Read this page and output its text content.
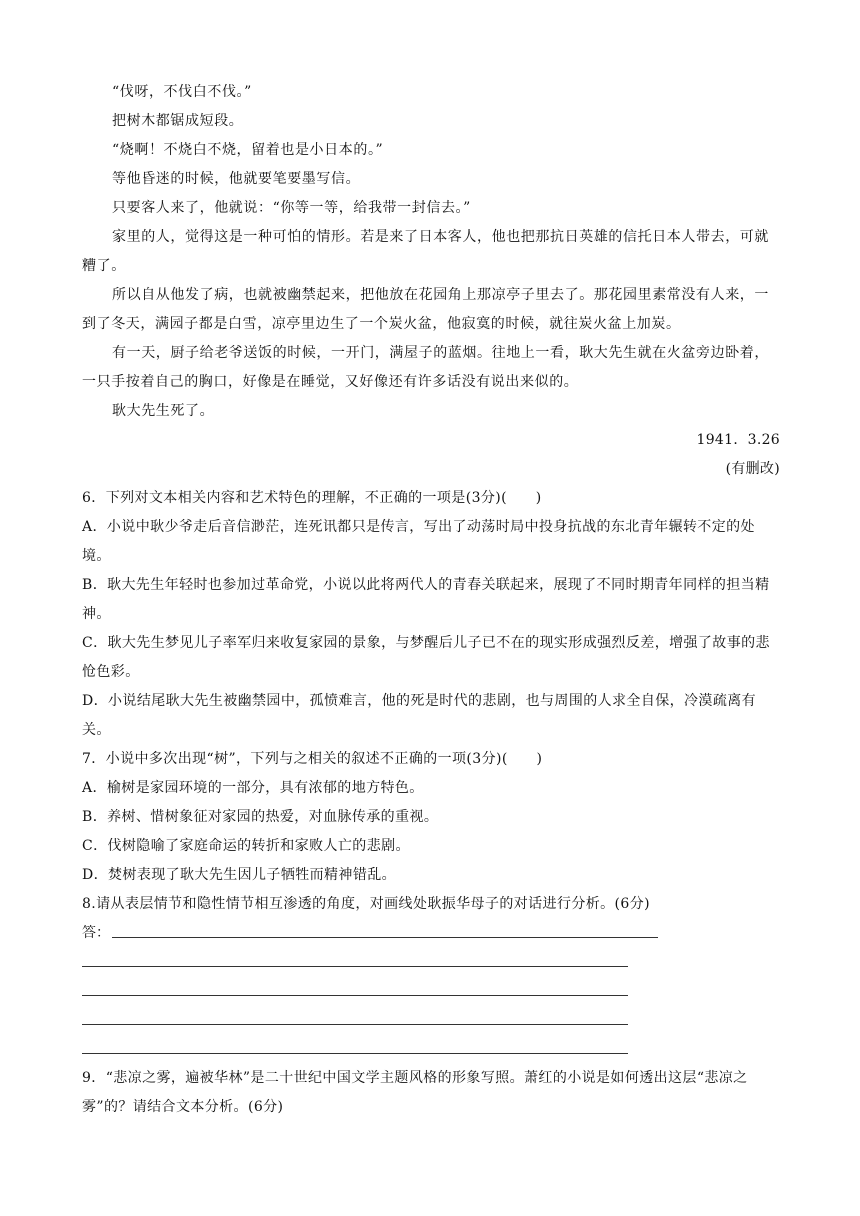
“伐呀，不伐白不伐。”

把树木都锯成短段。

“烧啊！不烧白不烧，留着也是小日本的。”

等他昏迷的时候，他就要笔要墨写信。

只要客人来了，他就说：“你等一等，给我带一封信去。”

家里的人，觉得这是一种可怕的情形。若是来了日本客人，他也把那抗日英雄的信托日本人带去，可就糟了。

所以自从他发了病，也就被幽禁起来，把他放在花园角上那凉亭子里去了。那花园里素常没有人来，一到了冬天，满园子都是白雪，凉亭里边生了一个炭火盆，他寂寞的时候，就往炭火盆上加炭。

有一天，厨子给老爷送饭的时候，一开门，满屋子的蓝烟。往地上一看，耿大先生就在火盆旁边卧着，一只手按着自己的胸口，好像是在睡觉，又好像还有许多话没有说出来似的。

耿大先生死了。

1941．3.26
(有删改)

6．下列对文本相关内容和艺术特色的理解，不正确的一项是(3分)(　　)

A．小说中耿少爷走后音信渺茫，连死讯都只是传言，写出了动荡时局中投身抗战的东北青年辗转不定的处境。

B．耿大先生年轻时也参加过革命党，小说以此将两代人的青春关联起来，展现了不同时期青年同样的担当精神。

C．耿大先生梦见儿子率军归来收复家园的景象，与梦醒后儿子已不在的现实形成强烈反差，增强了故事的悲怆色彩。

D．小说结尾耿大先生被幽禁园中，孤愤难言，他的死是时代的悲剧，也与周围的人求全自保，冷漠疏离有关。

7．小说中多次出现“树”，下列与之相关的叙述不正确的一项(3分)(　　)

A．榆树是家园环境的一部分，具有浓郁的地方特色。

B．养树、惜树象征对家园的热爱，对血脉传承的重视。

C．伐树隐喻了家庭命运的转折和家败人亡的悲剧。

D．焚树表现了耿大先生因儿子牺牲而精神错乱。

8.请从表层情节和隐性情节相互渗透的角度，对画线处耿振华母子的对话进行分析。(6分)

答：

9．“悲凉之雾，遍被华林”是二十世纪中国文学主题风格的形象写照。萧红的小说是如何透出这层“悲凉之雾”的？请结合文本分析。(6分)
